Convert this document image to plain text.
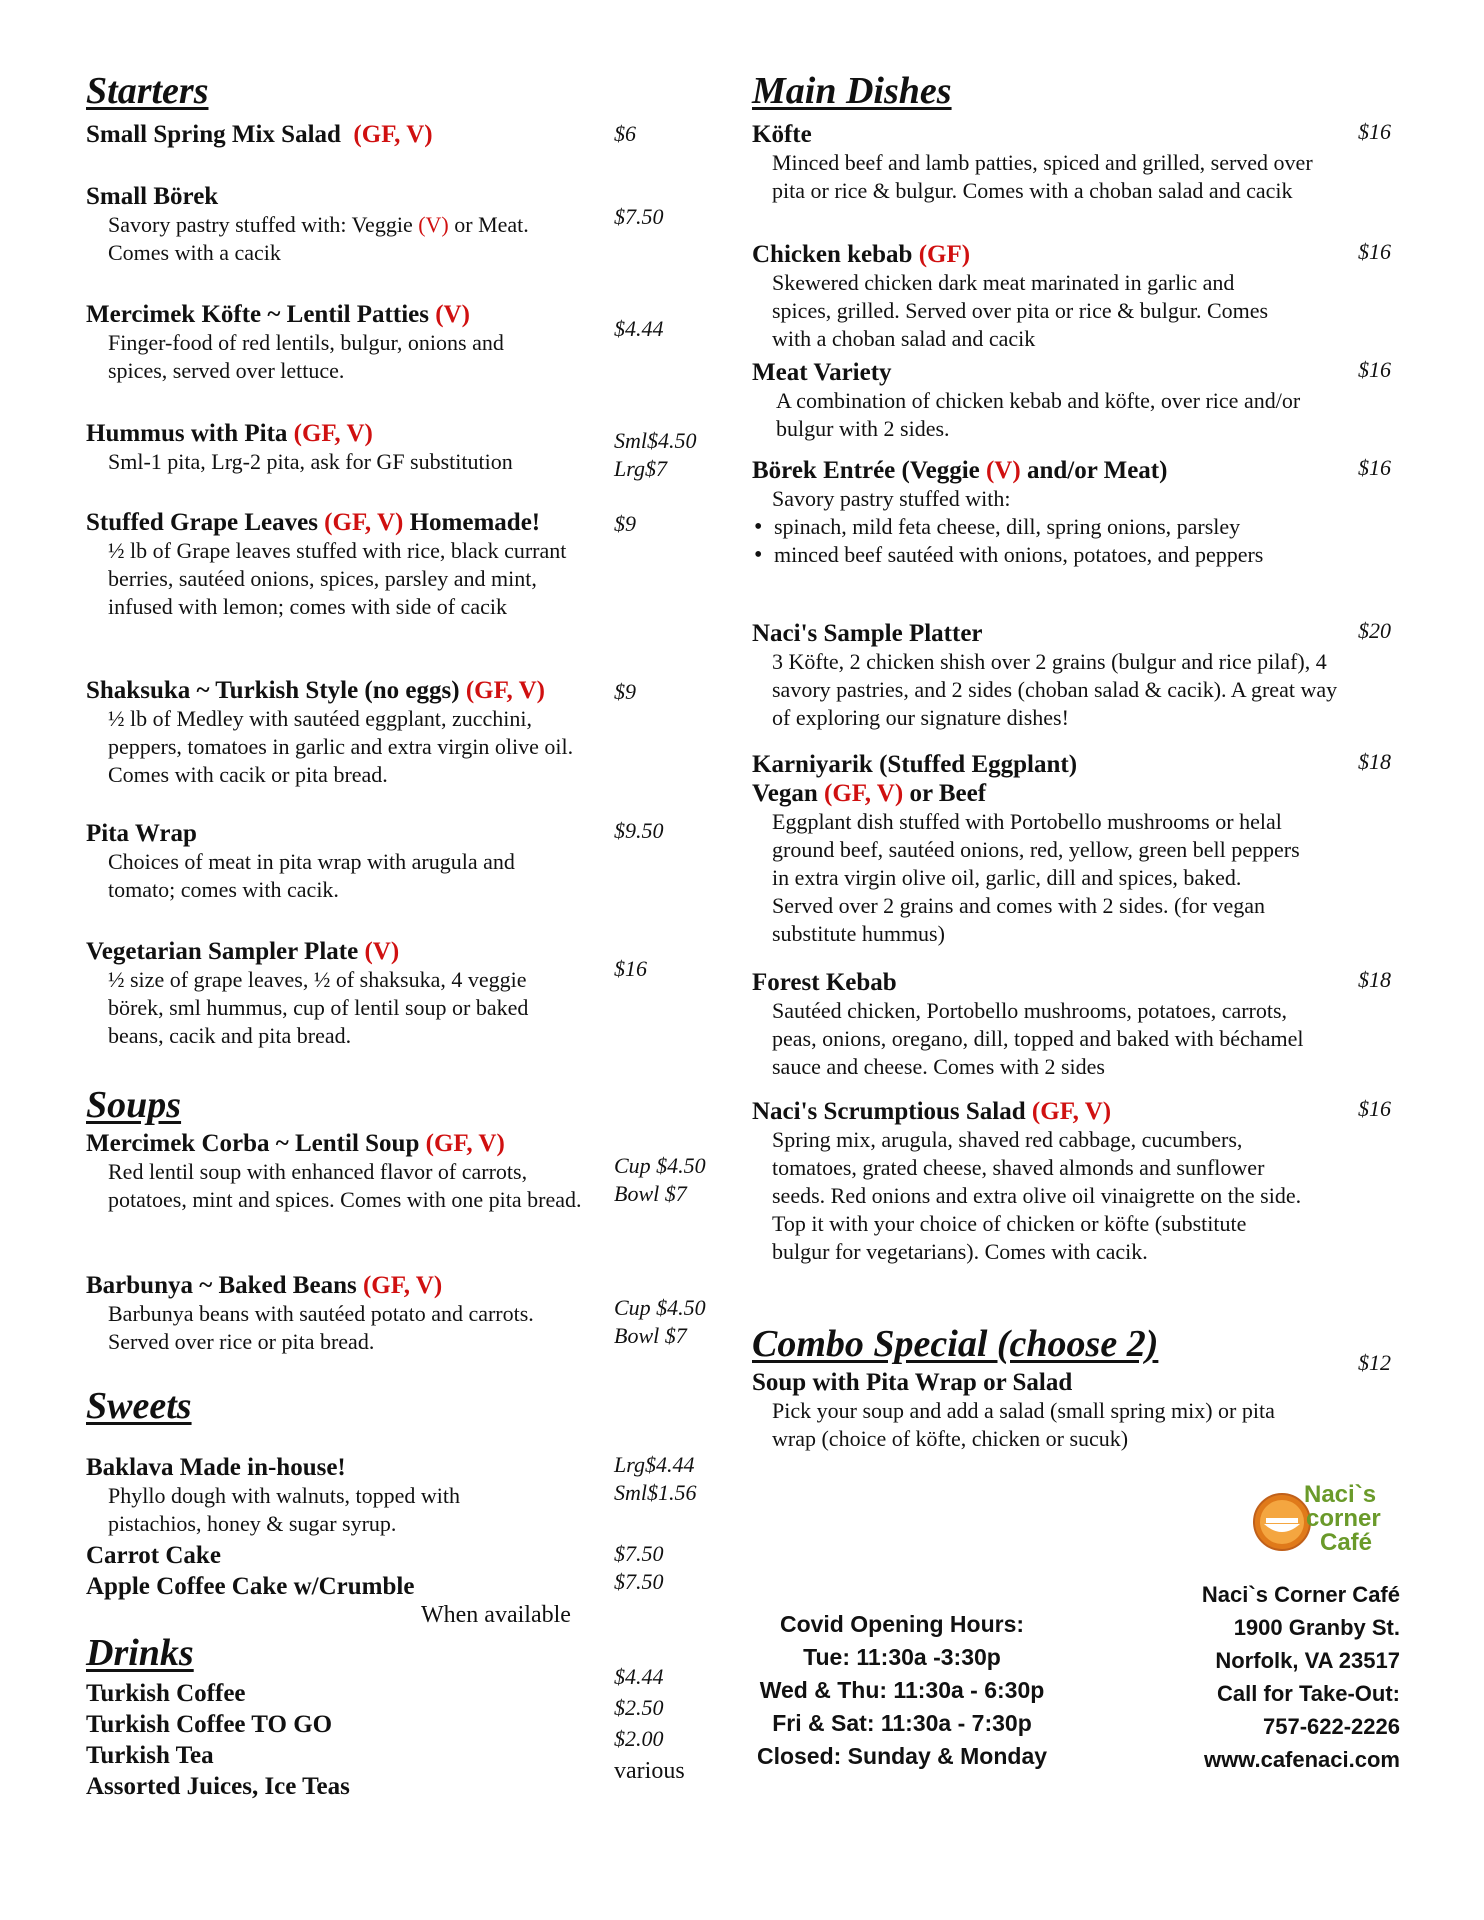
Starters
Small Spring Mix Salad (GF, V)	$6
Small Börek
Savory pastry stuffed with: Veggie (V) or Meat. Comes with a cacik
$7.50
Mercimek Köfte ~ Lentil Patties (V)
Finger-food of red lentils, bulgur, onions and spices, served over lettuce.
$4.44
Hummus with Pita (GF, V)
Sml-1 pita, Lrg-2 pita, ask for GF substitution
Sml$4.50
Lrg$7
Stuffed Grape Leaves (GF, V) Homemade!
½ lb of Grape leaves stuffed with rice, black currant berries, sautéed onions, spices, parsley and mint, infused with lemon; comes with side of cacik
$9
Shaksuka ~ Turkish Style (no eggs) (GF, V)
½ lb of Medley with sautéed eggplant, zucchini, peppers, tomatoes in garlic and extra virgin olive oil. Comes with cacik or pita bread.
$9
Pita Wrap
Choices of meat in pita wrap with arugula and tomato; comes with cacik.
$9.50
Vegetarian Sampler Plate (V)
½ size of grape leaves, ½ of shaksuka, 4 veggie börek, sml hummus, cup of lentil soup or baked beans, cacik and pita bread.
$16
Soups
Mercimek Corba ~ Lentil Soup (GF, V)
Red lentil soup with enhanced flavor of carrots, potatoes, mint and spices. Comes with one pita bread.
Cup $4.50
Bowl $7
Barbunya ~ Baked Beans (GF, V)
Barbunya beans with sautéed potato and carrots. Served over rice or pita bread.
Cup $4.50
Bowl $7
Sweets
Baklava Made in-house!
Phyllo dough with walnuts, topped with pistachios, honey & sugar syrup.
Lrg$4.44
Sml$1.56
Carrot Cake	$7.50
Apple Coffee Cake w/Crumble	$7.50
When available
Drinks
Turkish Coffee
$4.44
Turkish Coffee TO GO
$2.50
Turkish Tea
$2.00
Assorted Juices, Ice Teas
various
Main Dishes
Köfte
Minced beef and lamb patties, spiced and grilled, served over pita or rice & bulgur. Comes with a choban salad and cacik
$16
Chicken kebab (GF)
Skewered chicken dark meat marinated in garlic and spices, grilled. Served over pita or rice & bulgur. Comes with a choban salad and cacik
$16
Meat Variety
A combination of chicken kebab and köfte, over rice and/or bulgur with 2 sides.
$16
Börek Entrée (Veggie (V) and/or Meat)
Savory pastry stuffed with:
• spinach, mild feta cheese, dill, spring onions, parsley
• minced beef sautéed with onions, potatoes, and peppers
$16
Naci's Sample Platter
3 Köfte, 2 chicken shish over 2 grains (bulgur and rice pilaf), 4 savory pastries, and 2 sides (choban salad & cacik). A great way of exploring our signature dishes!
$20
Karniyarik (Stuffed Eggplant)
Vegan (GF, V) or Beef
Eggplant dish stuffed with Portobello mushrooms or helal ground beef, sautéed onions, red, yellow, green bell peppers in extra virgin olive oil, garlic, dill and spices, baked. Served over 2 grains and comes with 2 sides. (for vegan substitute hummus)
$18
Forest Kebab
Sautéed chicken, Portobello mushrooms, potatoes, carrots, peas, onions, oregano, dill, topped and baked with béchamel sauce and cheese. Comes with 2 sides
$18
Naci's Scrumptious Salad (GF, V)
Spring mix, arugula, shaved red cabbage, cucumbers, tomatoes, grated cheese, shaved almonds and sunflower seeds. Red onions and extra olive oil vinaigrette on the side. Top it with your choice of chicken or köfte (substitute bulgur for vegetarians). Comes with cacik.
$16
Combo Special (choose 2)
Soup with Pita Wrap or Salad
Pick your soup and add a salad (small spring mix) or pita wrap (choice of köfte, chicken or sucuk)
$12
Naci`s
corner
Café
Covid Opening Hours:
Tue: 11:30a -3:30p
Wed & Thu: 11:30a - 6:30p
Fri & Sat: 11:30a - 7:30p
Closed: Sunday & Monday
Naci`s Corner Café
1900 Granby St.
Norfolk, VA 23517
Call for Take-Out:
757-622-2226
www.cafenaci.com
